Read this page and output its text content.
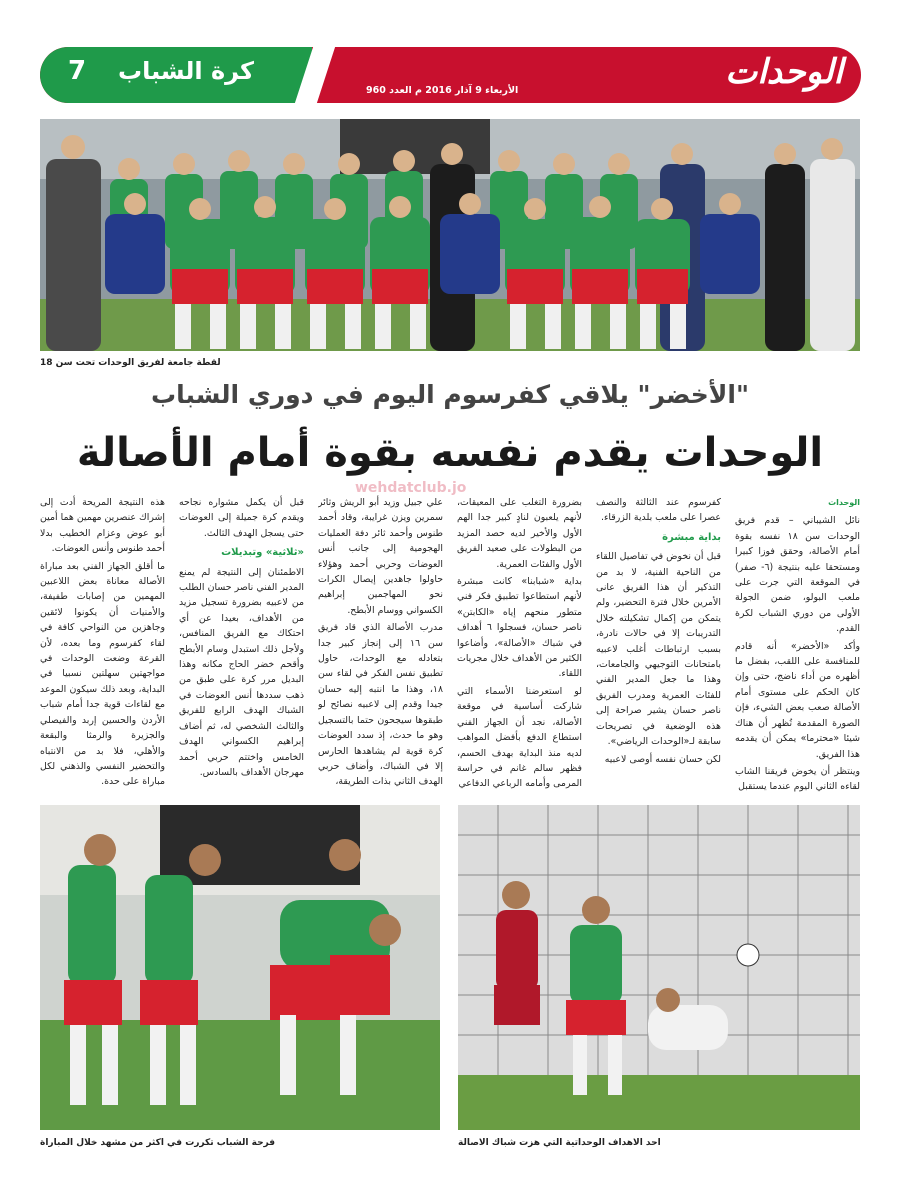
7 كرة الشباب
الأربعاء 9 آذار 2016 م العدد 960	الوحدات
لقطة جامعة لفريق الوحدات تحت سن 18
"الأخضر" يلاقي كفرسوم اليوم في دوري الشباب
الوحدات يقدم نفسه بقوة أمام الأصالة
wehdatclub.jo
الوحدات

نائل الشيباني – قدم فريق الوحدات سن ١٨ نفسه بقوة أمام الأصالة، وحقق فوزا كبيرا ومستحقا عليه بنتيجة (٦- صفر) في الموقعة التي جرت على ملعب البولو، ضمن الجولة الأولى من دوري الشباب لكرة القدم.

وأكد «الأخضر» أنه قادم للمنافسة على اللقب، بفضل ما أظهره من أداء ناضج، حتى وإن كان الحكم على مستوى أمام الأصالة صعب بعض الشيء، فإن الصورة المقدمة تُظهر أن هناك شيئا «محترما» يمكن أن يقدمه هذا الفريق.

وينتظر أن يخوض فريقنا الشاب لقاءه الثاني اليوم عندما يستقبل

كفرسوم عند الثالثة والنصف عصرا على ملعب بلدية الزرقاء.

بداية مبشرة

قبل أن نخوض في تفاصيل اللقاء من الناحية الفنية، لا بد من التذكير أن هذا الفريق عانى الأمرين خلال فترة التحضير، ولم يتمكن من إكمال تشكيلته خلال التدريبات إلا في حالات نادرة، بسبب ارتباطات أغلب لاعبيه بامتحانات التوجيهي والجامعات، وهذا ما جعل المدير الفني للفئات العمرية ومدرب الفريق ناصر حسان يشير صراحة إلى هذه الوضعية في تصريحات سابقة لـ«الوحدات الرياضي».

لكن حسان نفسه أوصى لاعبيه

بضرورة التغلب على المعيقات، لأنهم يلعبون لنادٍ كبير جدا الهم الأول والأخير لديه حصد المزيد من البطولات على صعيد الفريق الأول والفئات العمرية.

بداية «شبابنا» كانت مبشرة لأنهم استطاعوا تطبيق فكر فني متطور منحهم إياه «الكابتن» ناصر حسان، فسجلوا ٦ أهداف في شباك «الأصالة»، وأضاعوا الكثير من الأهداف خلال مجريات اللقاء.

لو استعرضنا الأسماء التي شاركت أساسية في موقعة الأصالة، نجد أن الجهاز الفني استطاع الدفع بأفضل المواهب لديه منذ البداية بهدف الحسم، فظهر سالم غانم في حراسة المرمى وأمامه الرباعي الدفاعي

علي جبيل وزيد أبو الريش وثائر سمرين ويزن غرايبة، وقاد أحمد طنوس وأحمد ثائر دفة العمليات الهجومية إلى جانب أنس العوضات وحربي أحمد وهؤلاء حاولوا جاهدين إيصال الكرات نحو المهاجمين إبراهيم الكسواني ووسام الأبطح.

مدرب الأصالة الذي قاد فريق سن ١٦ إلى إنجاز كبير جدا بتعادله مع الوحدات، حاول تطبيق نفس الفكر في لقاء سن ١٨، وهذا ما انتبه إليه حسان جيدا وقدم إلى لاعبيه نصائح لو طبقوها سيجحون حتما بالتسجيل وهو ما حدث، إذ سدد العوضات كرة قوية لم يشاهدها الحارس إلا في الشباك، وأضاف حربي الهدف الثاني بذات الطريقة،

قبل أن يكمل مشواره نجاحه ويقدم كرة جميلة إلى العوضات حتى يسجل الهدف الثالث.

«ثلاثية» وتبديلات

الاطمئنان إلى النتيجة لم يمنع المدير الفني ناصر حسان الطلب من لاعبيه بضرورة تسجيل مزيد من الأهداف، بعيدا عن أي احتكاك مع الفريق المنافس، ولأجل ذلك استبدل وسام الأبطح وأقحم خضر الحاج مكانه وهذا البديل مرر كرة على طبق من ذهب سددها أنس العوضات في الشباك الهدف الرابع للفريق والثالث الشخصي له، ثم أضاف إبراهيم الكسواني الهدف الخامس واختتم حربي أحمد مهرجان الأهداف بالسادس.

هذه النتيجة المريحة أدت إلى إشراك عنصرين مهمين هما أمين أبو عوض وعزام الخطيب بدلا أحمد طنوس وأنس العوضات.

ما أقلق الجهاز الفني بعد مباراة الأصالة معاناة بعض اللاعبين المهمين من إصابات طفيفة، والأمنيات أن يكونوا لائقين وجاهزين من النواحي كافة في لقاء كفرسوم وما بعده، لأن القرعة وضعت الوحدات في مواجهتين سهلتين نسبيا في البداية، وبعد ذلك سيكون الموعد مع لقاءات قوية جدا أمام شباب الأردن والحسين إربد والفيصلي والجزيرة والرمثا والبقعة والأهلي، فلا بد من الانتباه والتحضير النفسي والذهني لكل مباراة على حدة.

فرحة الشباب تكررت في اكثر من مشهد خلال المباراة	احد الاهداف الوحداتية التي هزت شباك الاصالة
